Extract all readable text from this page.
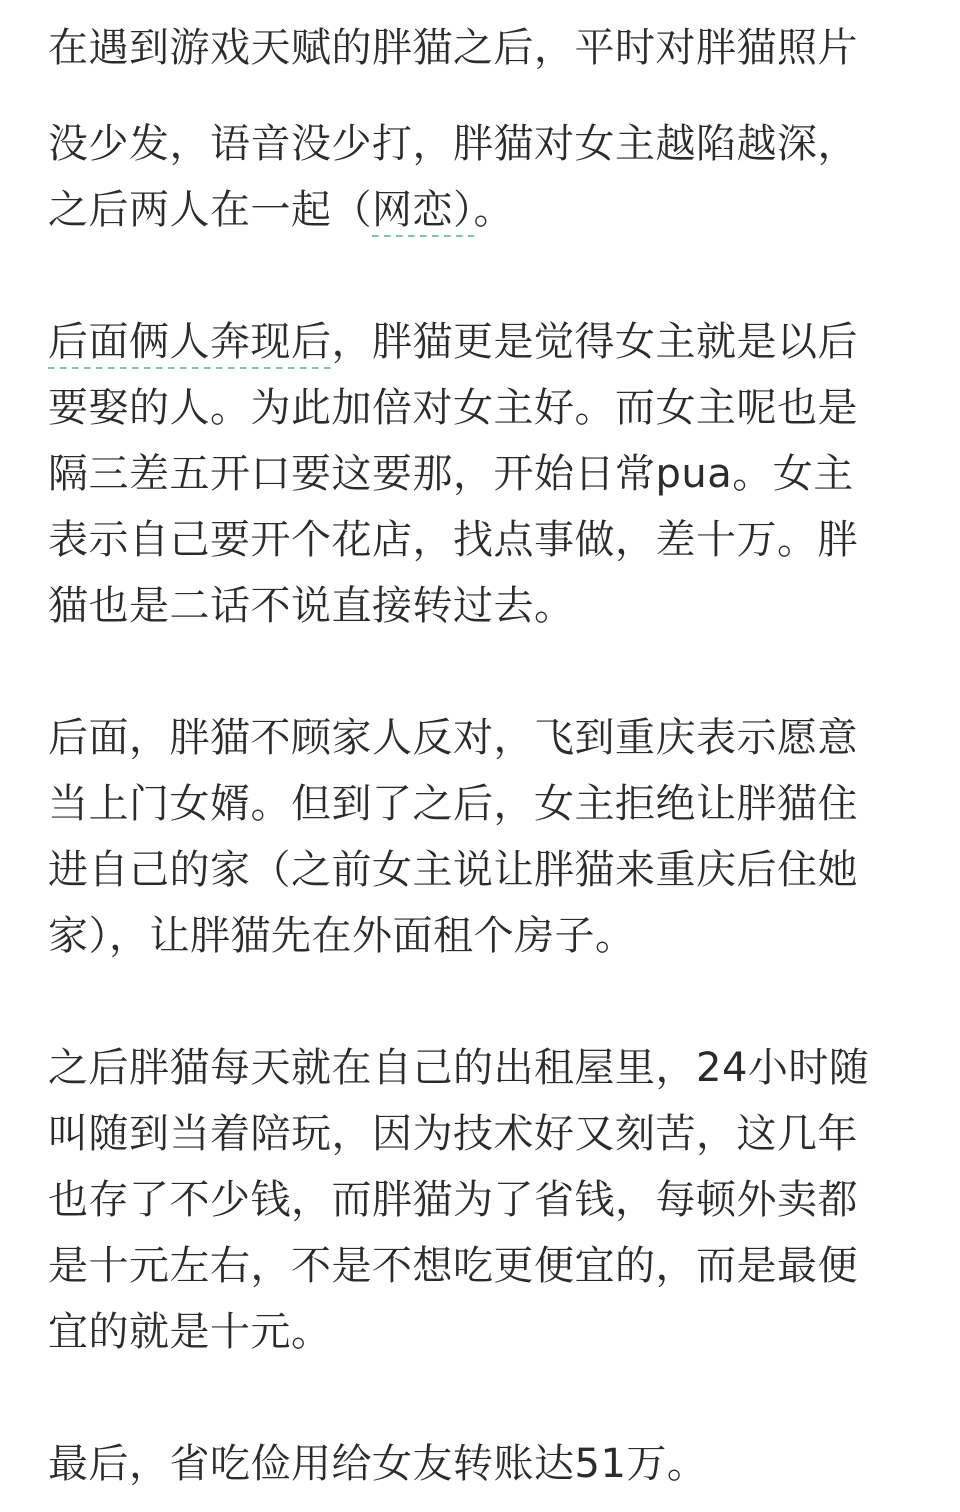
在遇到游戏天赋的胖猫之后，平时对胖猫照片
没少发，语音没少打，胖猫对女主越陷越深，
之后两人在一起（网恋）。
后面俩人奔现后，胖猫更是觉得女主就是以后
要娶的人。为此加倍对女主好。而女主呢也是
隔三差五开口要这要那，开始日常pua。女主
表示自己要开个花店，找点事做，差十万。胖
猫也是二话不说直接转过去。
后面，胖猫不顾家人反对，飞到重庆表示愿意
当上门女婿。但到了之后，女主拒绝让胖猫住
进自己的家（之前女主说让胖猫来重庆后住她
家），让胖猫先在外面租个房子。
之后胖猫每天就在自己的出租屋里，24小时随
叫随到当着陪玩，因为技术好又刻苦，这几年
也存了不少钱，而胖猫为了省钱，每顿外卖都
是十元左右，不是不想吃更便宜的，而是最便
宜的就是十元。
最后，省吃俭用给女友转账达51万。
